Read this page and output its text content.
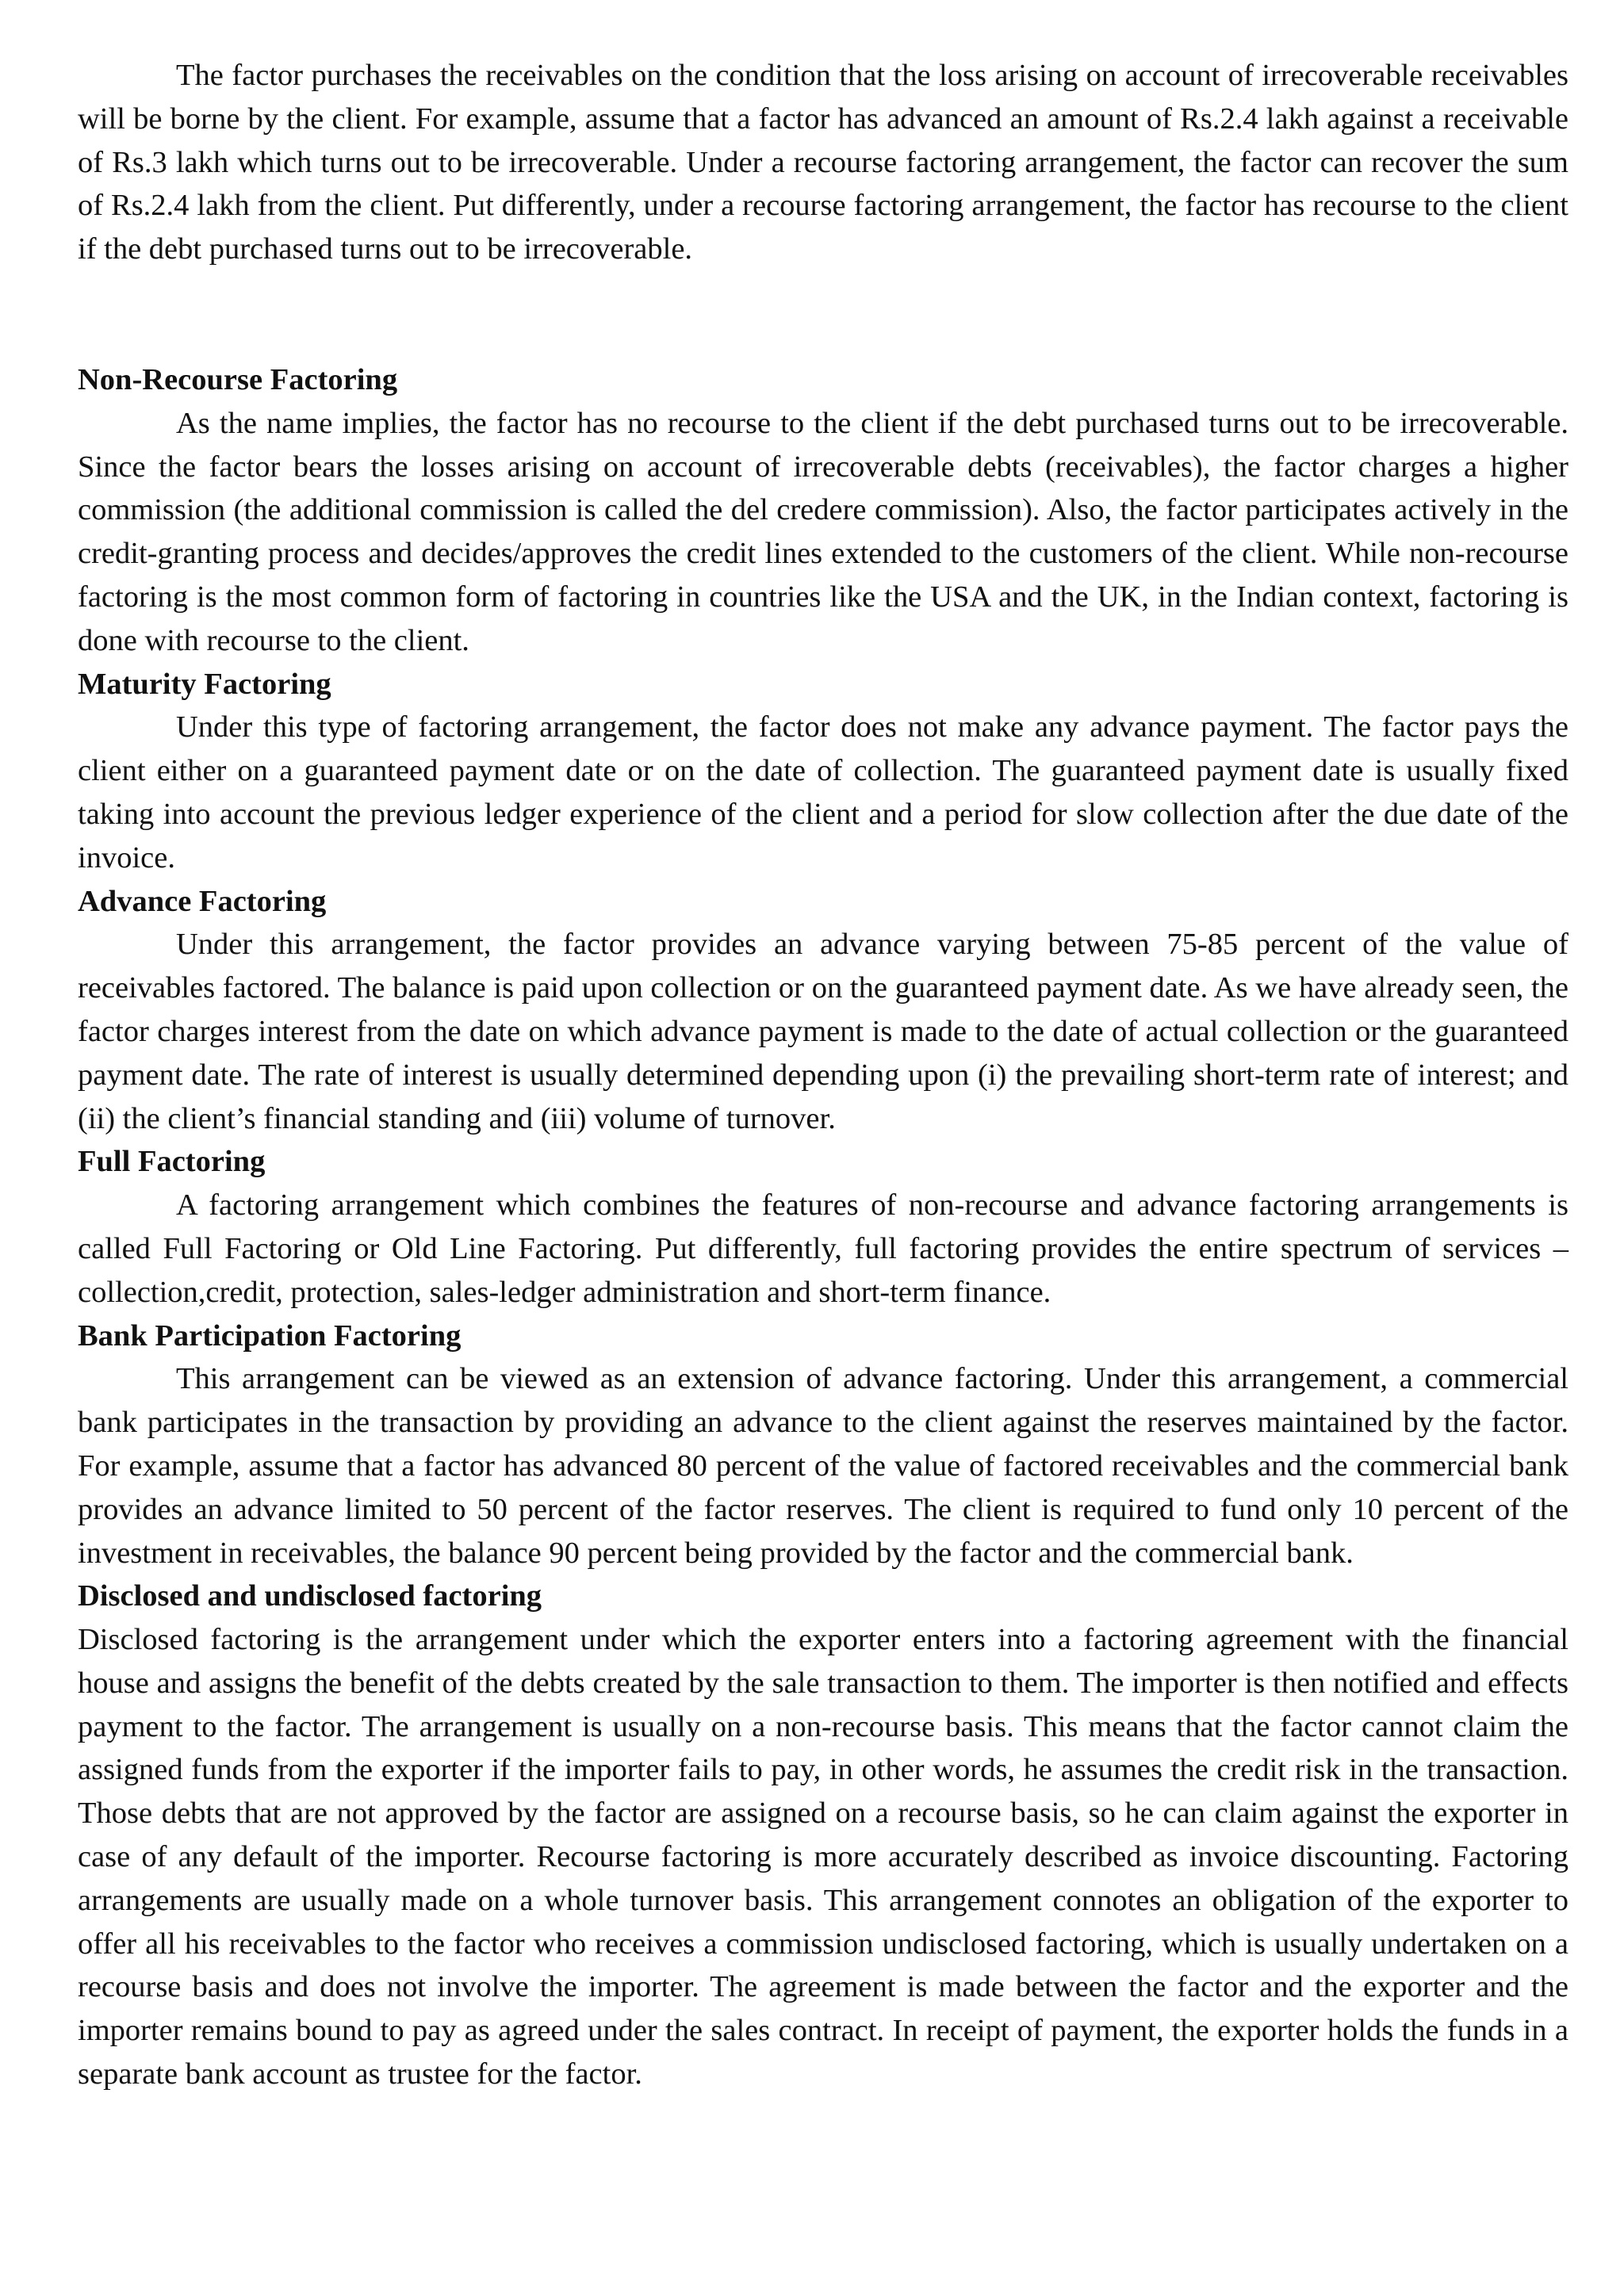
The factor purchases the receivables on the condition that the loss arising on account of irrecoverable receivables will be borne by the client. For example, assume that a factor has advanced an amount of Rs.2.4 lakh against a receivable of Rs.3 lakh which turns out to be irrecoverable. Under a recourse factoring arrangement, the factor can recover the sum of Rs.2.4 lakh from the client. Put differently, under a recourse factoring arrangement, the factor has recourse to the client if the debt purchased turns out to be irrecoverable.

Non-Recourse Factoring

As the name implies, the factor has no recourse to the client if the debt purchased turns out to be irrecoverable. Since the factor bears the losses arising on account of irrecoverable debts (receivables), the factor charges a higher commission (the additional commission is called the del credere commission). Also, the factor participates actively in the credit-granting process and decides/approves the credit lines extended to the customers of the client. While non-recourse factoring is the most common form of factoring in countries like the USA and the UK, in the Indian context, factoring is done with recourse to the client.

Maturity Factoring

Under this type of factoring arrangement, the factor does not make any advance payment. The factor pays the client either on a guaranteed payment date or on the date of collection. The guaranteed payment date is usually fixed taking into account the previous ledger experience of the client and a period for slow collection after the due date of the invoice.

Advance Factoring

Under this arrangement, the factor provides an advance varying between 75-85 percent of the value of receivables factored. The balance is paid upon collection or on the guaranteed payment date. As we have already seen, the factor charges interest from the date on which advance payment is made to the date of actual collection or the guaranteed payment date. The rate of interest is usually determined depending upon (i) the prevailing short-term rate of interest; and (ii) the client’s financial standing and (iii) volume of turnover.

Full Factoring

A factoring arrangement which combines the features of non-recourse and advance factoring arrangements is called Full Factoring or Old Line Factoring. Put differently, full factoring provides the entire spectrum of services – collection,credit, protection, sales-ledger administration and short-term finance.

Bank Participation Factoring

This arrangement can be viewed as an extension of advance factoring. Under this arrangement, a commercial bank participates in the transaction by providing an advance to the client against the reserves maintained by the factor. For example, assume that a factor has advanced 80 percent of the value of factored receivables and the commercial bank provides an advance limited to 50 percent of the factor reserves. The client is required to fund only 10 percent of the investment in receivables, the balance 90 percent being provided by the factor and the commercial bank.

Disclosed and undisclosed factoring

Disclosed factoring is the arrangement under which the exporter enters into a factoring agreement with the financial house and assigns the benefit of the debts created by the sale transaction to them. The importer is then notified and effects payment to the factor. The arrangement is usually on a non-recourse basis. This means that the factor cannot claim the assigned funds from the exporter if the importer fails to pay, in other words, he assumes the credit risk in the transaction. Those debts that are not approved by the factor are assigned on a recourse basis, so he can claim against the exporter in case of any default of the importer. Recourse factoring is more accurately described as invoice discounting. Factoring arrangements are usually made on a whole turnover basis. This arrangement connotes an obligation of the exporter to offer all his receivables to the factor who receives a commission undisclosed factoring, which is usually undertaken on a recourse basis and does not involve the importer. The agreement is made between the factor and the exporter and the importer remains bound to pay as agreed under the sales contract. In receipt of payment, the exporter holds the funds in a separate bank account as trustee for the factor.
